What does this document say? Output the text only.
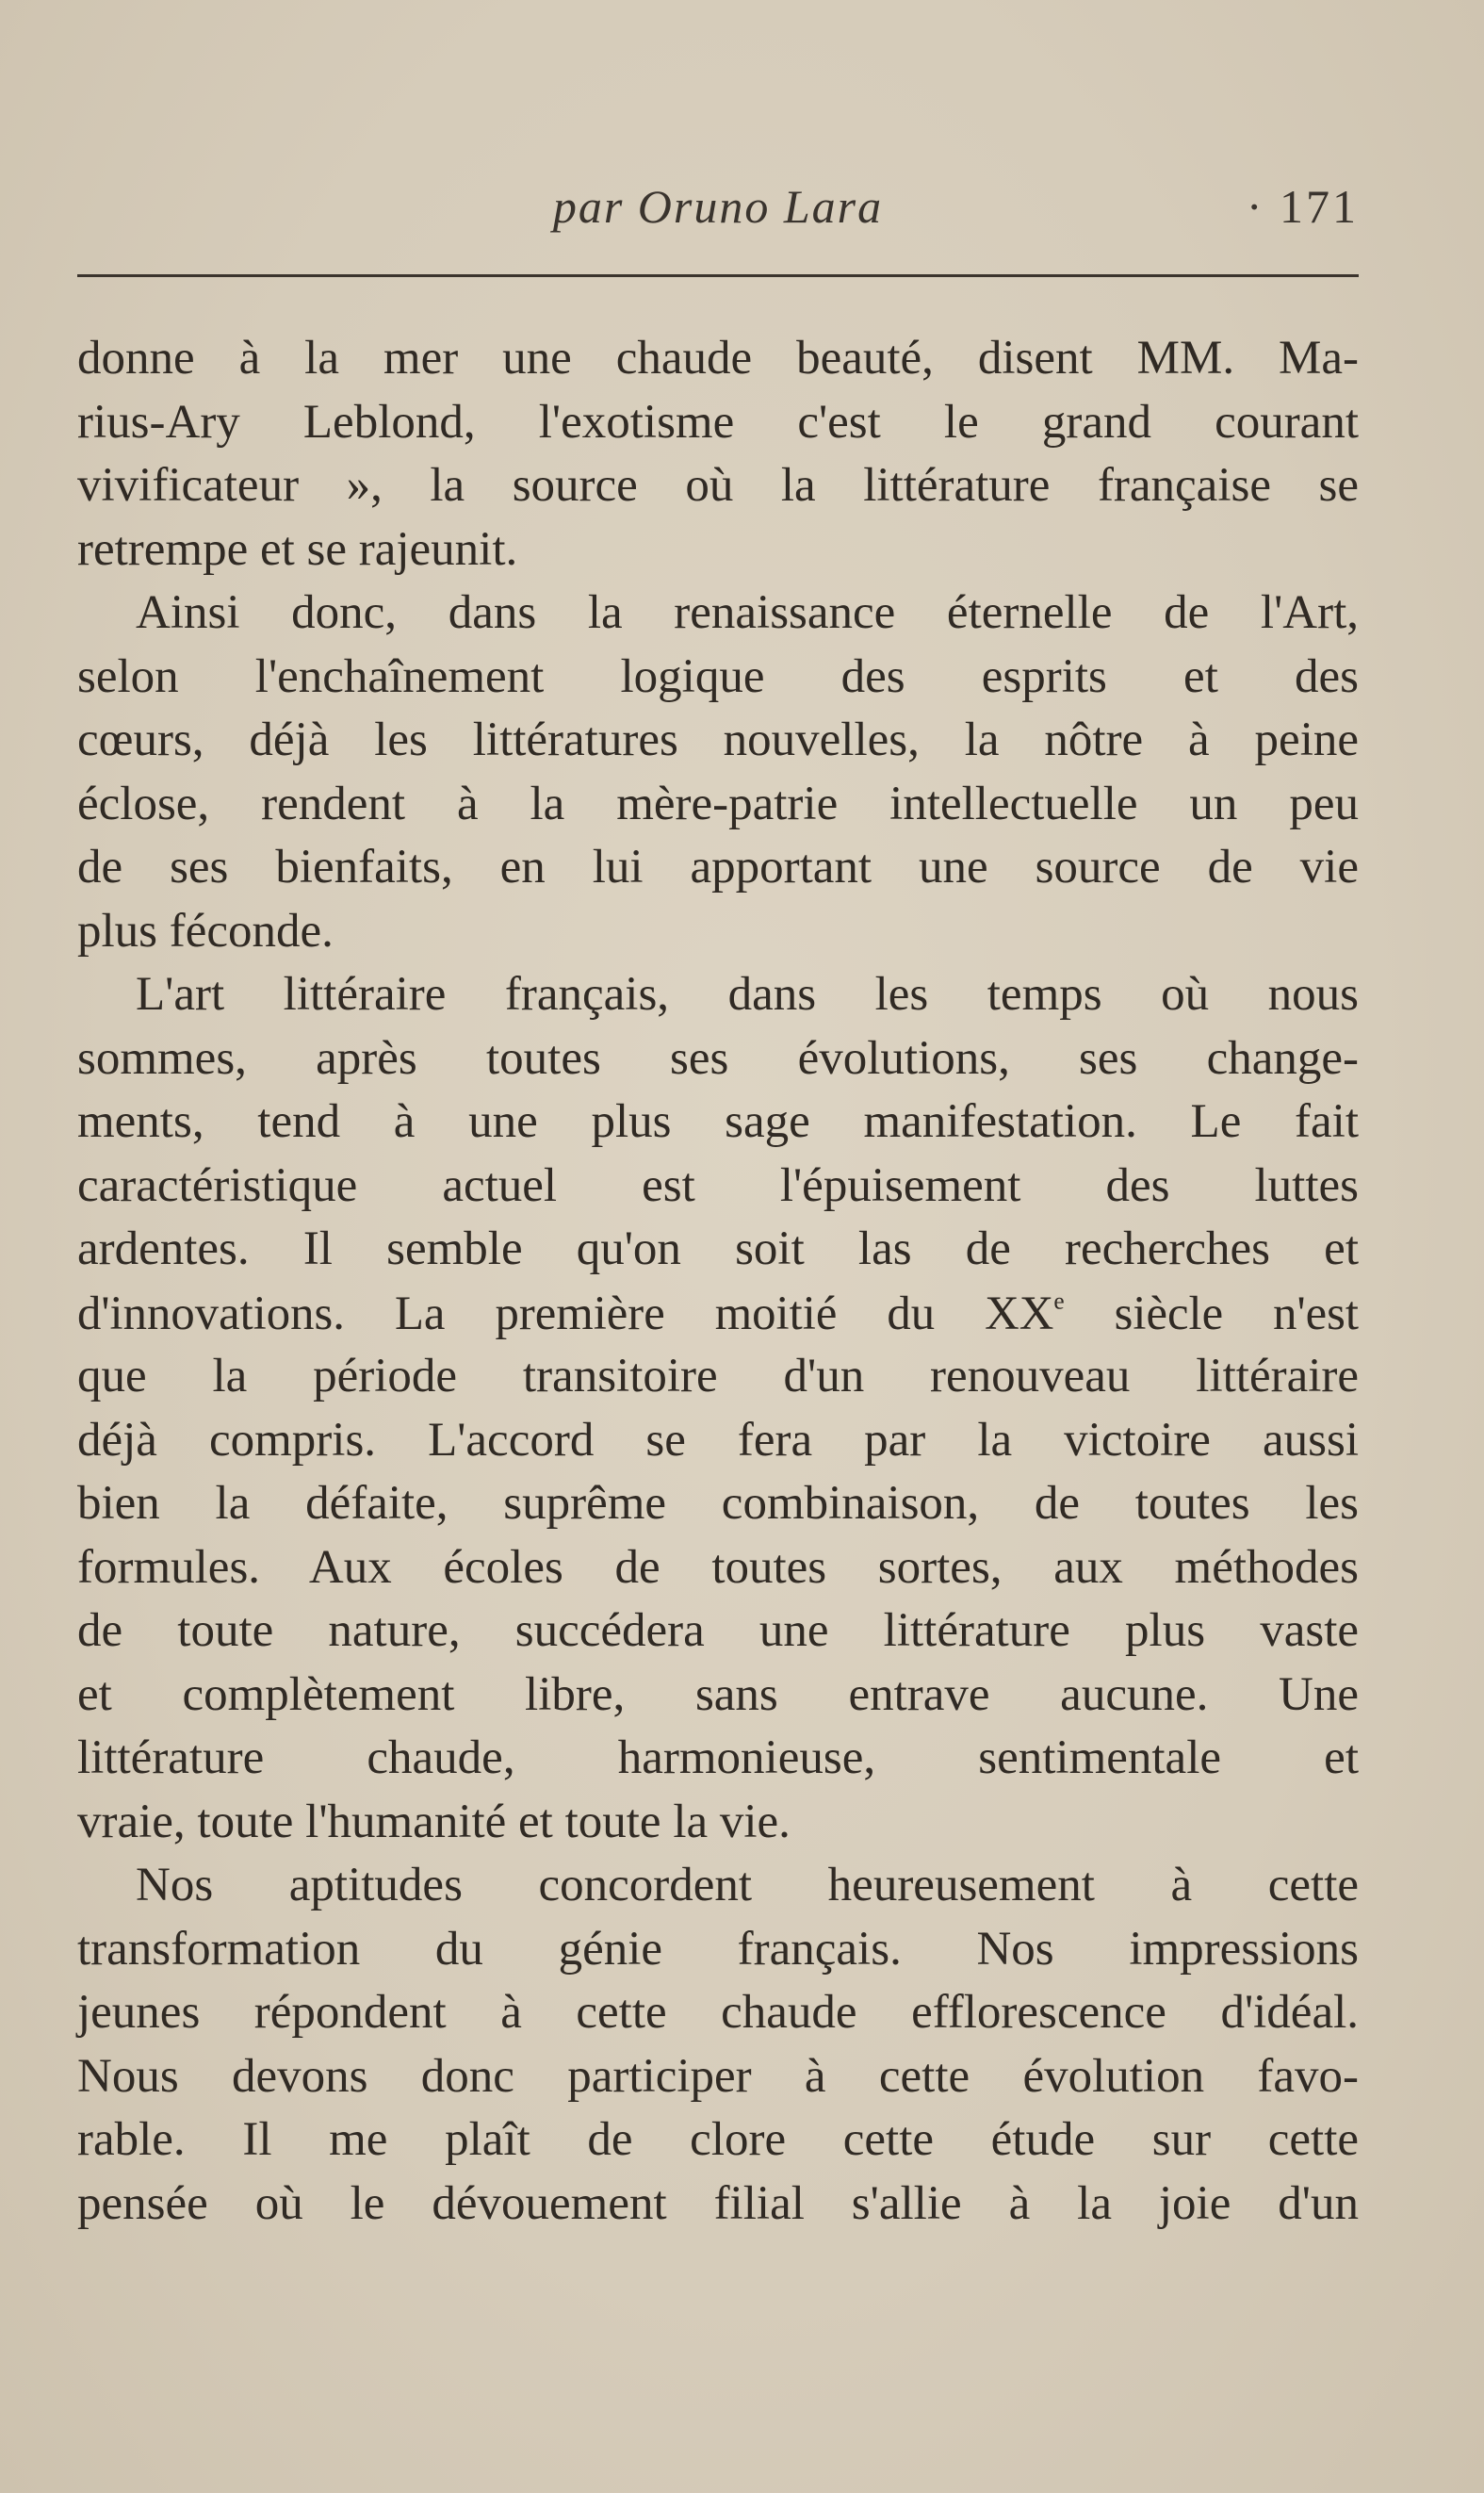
par Oruno Lara	· 171
donne à la mer une chaude beauté, disent MM. Ma-
rius-Ary Leblond, l'exotisme c'est le grand courant
vivificateur », la source où la littérature française se
retrempe et se rajeunit.
Ainsi donc, dans la renaissance éternelle de l'Art,
selon l'enchaînement logique des esprits et des
cœurs, déjà les littératures nouvelles, la nôtre à peine
éclose, rendent à la mère-patrie intellectuelle un peu
de ses bienfaits, en lui apportant une source de vie
plus féconde.
L'art littéraire français, dans les temps où nous
sommes, après toutes ses évolutions, ses change-
ments, tend à une plus sage manifestation. Le fait
caractéristique actuel est l'épuisement des luttes
ardentes. Il semble qu'on soit las de recherches et
d'innovations. La première moitié du XXe siècle n'est
que la période transitoire d'un renouveau littéraire
déjà compris. L'accord se fera par la victoire aussi
bien la défaite, suprême combinaison, de toutes les
formules. Aux écoles de toutes sortes, aux méthodes
de toute nature, succédera une littérature plus vaste
et complètement libre, sans entrave aucune. Une
littérature chaude, harmonieuse, sentimentale et
vraie, toute l'humanité et toute la vie.
Nos aptitudes concordent heureusement à cette
transformation du génie français. Nos impressions
jeunes répondent à cette chaude efflorescence d'idéal.
Nous devons donc participer à cette évolution favo-
rable. Il me plaît de clore cette étude sur cette
pensée où le dévouement filial s'allie à la joie d'un
